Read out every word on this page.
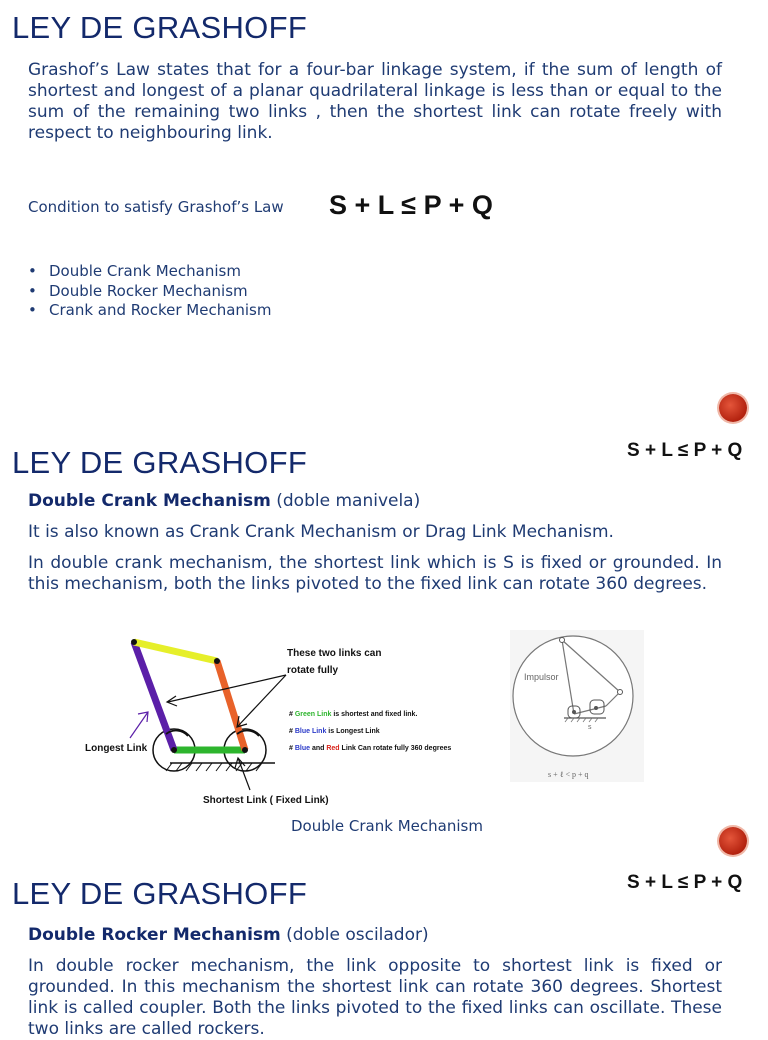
LEY DE GRASHOFF
Grashof’s Law states that for a four-bar linkage system, if the sum of length of shortest and longest of a planar quadrilateral linkage is less than or equal to the sum of the remaining two links , then the shortest link can rotate freely with respect to neighbouring link.
Condition to satisfy Grashof’s Law S + L ≤ P + Q
• Double Crank Mechanism
• Double Rocker Mechanism
• Crank and Rocker Mechanism
LEY DE GRASHOFF	S + L ≤ P + Q
Double Crank Mechanism (doble manivela)
It is also known as Crank Crank Mechanism or Drag Link Mechanism.
In double crank mechanism, the shortest link which is S is fixed or grounded. In this mechanism, both the links pivoted to the fixed link can rotate 360 degrees.
These two links can
rotate fully
Longest Link
Shortest Link ( Fixed Link)
# Green Link is shortest and fixed link.
# Blue Link is Longest Link
# Blue and Red Link Can rotate fully 360 degrees
Impulsor
s
s + ℓ < p + q
Double Crank Mechanism
LEY DE GRASHOFF	S + L ≤ P + Q
Double Rocker Mechanism (doble oscilador)
In double rocker mechanism, the link opposite to shortest link is fixed or grounded. In this mechanism the shortest link can rotate 360 degrees. Shortest link is called coupler. Both the links pivoted to the fixed links can oscillate. These two links are called rockers.
